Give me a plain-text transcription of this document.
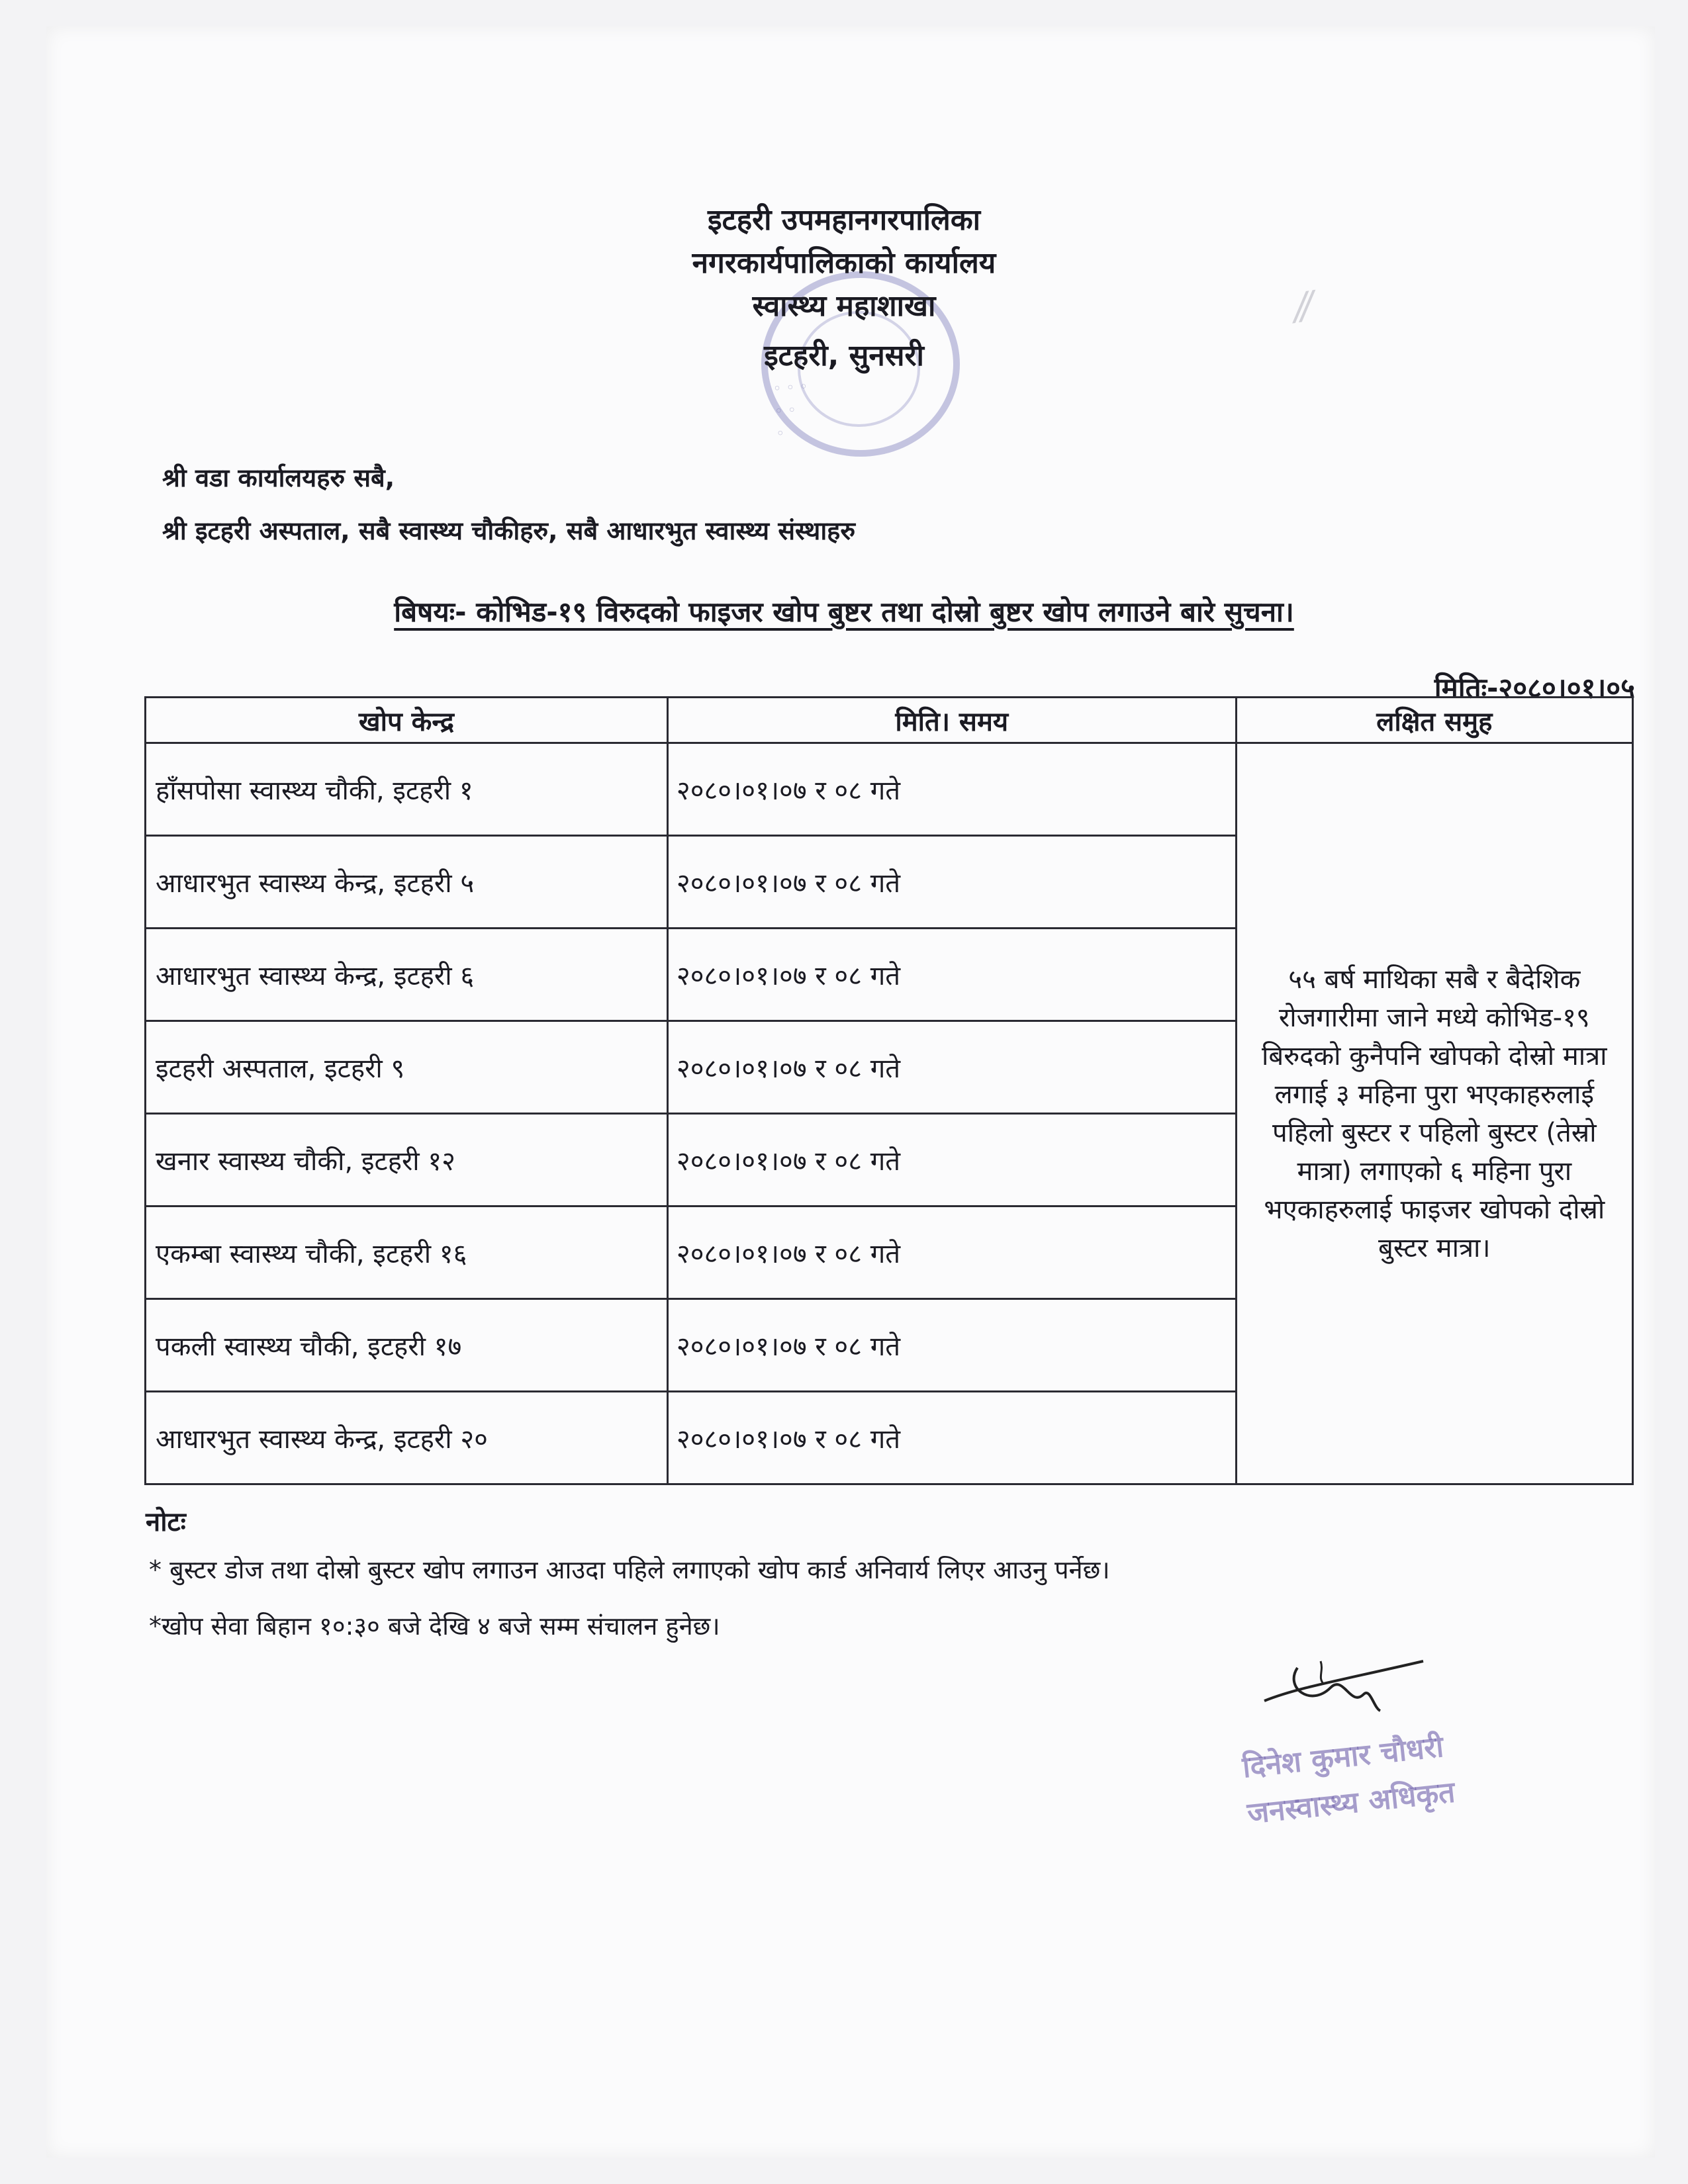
◦ ◦ ◦
◦ ◦
◦
⁄⁄
इटहरी उपमहानगरपालिका
नगरकार्यपालिकाको कार्यालय
स्वास्थ्य महाशाखा
इटहरी, सुनसरी
श्री वडा कार्यालयहरु सबै,
श्री इटहरी अस्पताल, सबै स्वास्थ्य चौकीहरु, सबै आधारभुत स्वास्थ्य संस्थाहरु
बिषयः- कोभिड-१९ विरुदको फाइजर खोप बुष्टर तथा दोस्रो बुष्टर खोप लगाउने बारे सुचना।
मितिः-२०८०।०१।०५
खोप केन्द्र	मिति। समय	लक्षित समुह
हाँसपोसा स्वास्थ्य चौकी, इटहरी १	२०८०।०१।०७ र ०८ गते	५५ बर्ष माथिका सबै र बैदेशिक रोजगारीमा जाने मध्ये कोभिड-१९ बिरुदको कुनैपनि खोपको दोस्रो मात्रा लगाई ३ महिना पुरा भएकाहरुलाई पहिलो बुस्टर र पहिलो बुस्टर (तेस्रो मात्रा) लगाएको ६ महिना पुरा भएकाहरुलाई फाइजर खोपको दोस्रो बुस्टर मात्रा।
आधारभुत स्वास्थ्य केन्द्र, इटहरी ५	२०८०।०१।०७ र ०८ गते	
आधारभुत स्वास्थ्य केन्द्र, इटहरी ६	२०८०।०१।०७ र ०८ गते	
इटहरी अस्पताल, इटहरी ९	२०८०।०१।०७ र ०८ गते	
खनार स्वास्थ्य चौकी, इटहरी १२	२०८०।०१।०७ र ०८ गते	
एकम्बा स्वास्थ्य चौकी, इटहरी १६	२०८०।०१।०७ र ०८ गते	
पकली स्वास्थ्य चौकी, इटहरी १७	२०८०।०१।०७ र ०८ गते	
आधारभुत स्वास्थ्य केन्द्र, इटहरी २०	२०८०।०१।०७ र ०८ गते	
नोटः
* बुस्टर डोज तथा दोस्रो बुस्टर खोप लगाउन आउदा पहिले लगाएको खोप कार्ड अनिवार्य लिएर आउनु पर्नेछ।
*खोप सेवा बिहान १०:३० बजे देखि ४ बजे सम्म संचालन हुनेछ।
दिनेश कुमार चौधरी
जनस्वास्थ्य अधिकृत
